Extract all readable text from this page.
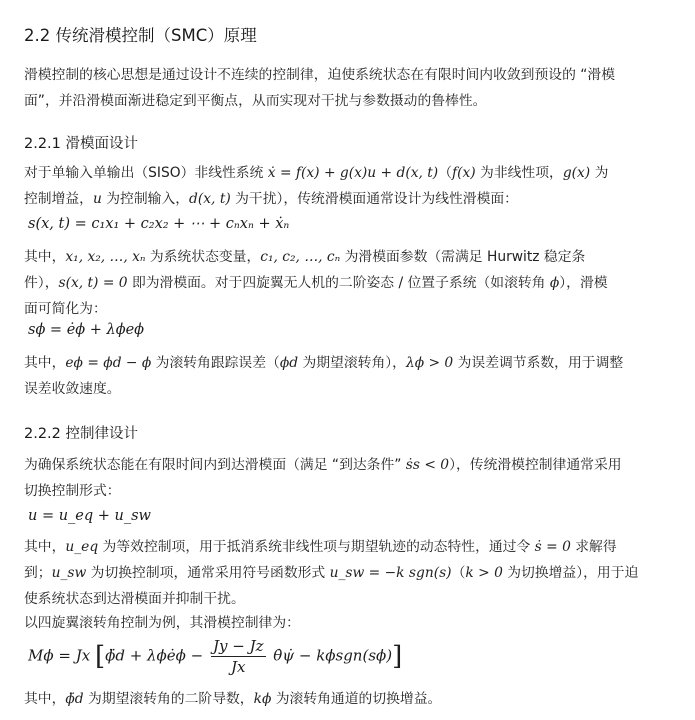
2.2 传统滑模控制（SMC）原理
滑模控制的核心思想是通过设计不连续的控制律，迫使系统状态在有限时间内收敛到预设的 “滑模
面”，并沿滑模面渐进稳定到平衡点，从而实现对干扰与参数摄动的鲁棒性。
2.2.1 滑模面设计
对于单输入单输出（SISO）非线性系统 ẋ = f(x) + g(x)u + d(x, t)（f(x) 为非线性项，g(x) 为
控制增益，u 为控制输入，d(x, t) 为干扰），传统滑模面通常设计为线性滑模面：
s(x, t) = c₁x₁ + c₂x₂ + ⋯ + cₙxₙ + ẋₙ
其中，x₁, x₂, …, xₙ 为系统状态变量，c₁, c₂, …, cₙ 为滑模面参数（需满足 Hurwitz 稳定条
件），s(x, t) = 0 即为滑模面。对于四旋翼无人机的二阶姿态 / 位置子系统（如滚转角 ϕ），滑模
面可简化为：
sϕ = ėϕ + λϕeϕ
其中，eϕ = ϕd − ϕ 为滚转角跟踪误差（ϕd 为期望滚转角），λϕ > 0 为误差调节系数，用于调整
误差收敛速度。
2.2.2 控制律设计
为确保系统状态能在有限时间内到达滑模面（满足 “到达条件” ṡs < 0），传统滑模控制律通常采用
切换控制形式：
u = u_eq + u_sw
其中，u_eq 为等效控制项，用于抵消系统非线性项与期望轨迹的动态特性，通过令 ṡ = 0 求解得
到；u_sw 为切换控制项，通常采用符号函数形式 u_sw = −k sgn(s)（k > 0 为切换增益），用于迫
使系统状态到达滑模面并抑制干扰。
以四旋翼滚转角控制为例，其滑模控制律为：
Mϕ = Jx [ϕ̈d + λϕėϕ − $\frac{Jy - Jz}{Jx}$ θ̇ψ̇ − kϕsgn(sϕ)]
其中，ϕ̈d 为期望滚转角的二阶导数，kϕ 为滚转角通道的切换增益。
